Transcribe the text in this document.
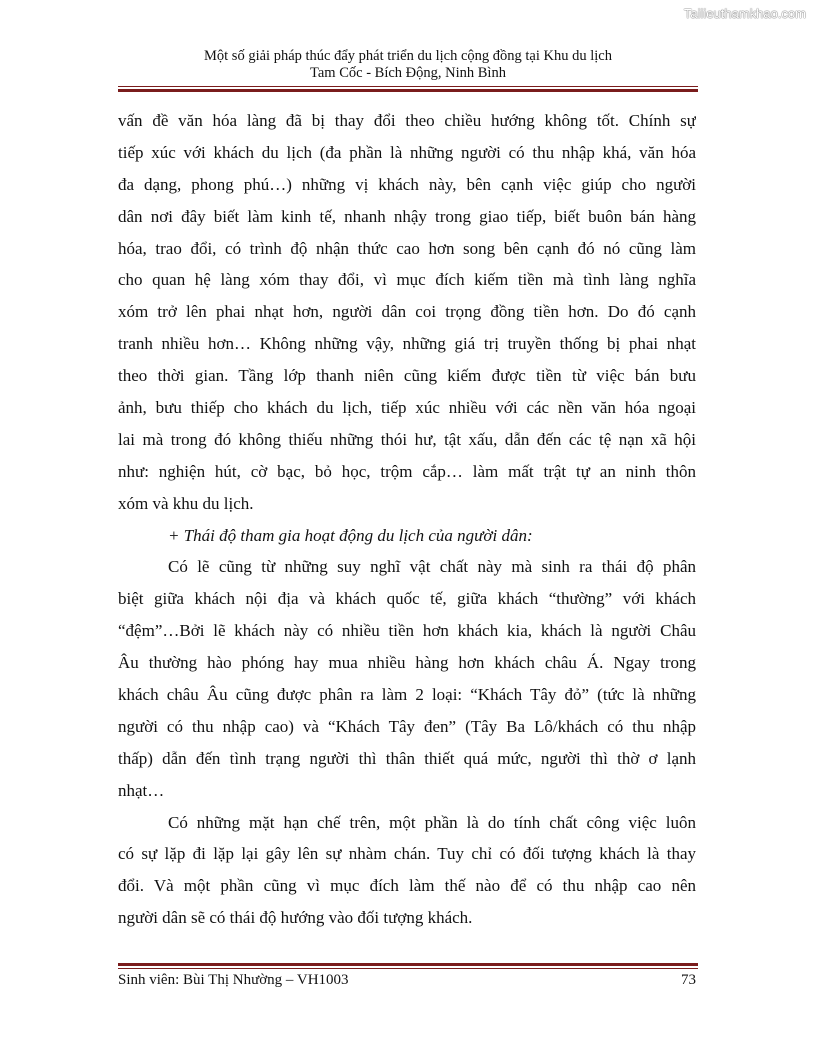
Tailieuthamkhao.com
Một số giải pháp thúc đẩy phát triển du lịch cộng đồng tại Khu du lịch
Tam Cốc - Bích Động, Ninh Bình
vấn đề văn hóa làng đã bị thay đổi theo chiều hướng không tốt. Chính sự
tiếp xúc với khách du lịch (đa phần là những người có thu nhập khá, văn hóa
đa dạng, phong phú…) những vị khách này, bên cạnh việc giúp cho người
dân nơi đây biết làm kinh tế, nhanh nhậy trong giao tiếp, biết buôn bán hàng
hóa, trao đổi, có trình độ nhận thức cao hơn song bên cạnh đó nó cũng làm
cho quan hệ làng xóm thay đổi, vì mục đích kiếm tiền mà tình làng nghĩa
xóm trở lên phai nhạt hơn, người dân coi trọng đồng tiền hơn. Do đó cạnh
tranh nhiều hơn… Không những vậy, những giá trị truyền thống bị phai nhạt
theo thời gian. Tầng lớp thanh niên cũng kiếm được tiền từ việc bán bưu
ảnh, bưu thiếp cho khách du lịch, tiếp xúc nhiều với các nền văn hóa ngoại
lai mà trong đó không thiếu những thói hư, tật xấu, dẫn đến các tệ nạn xã hội
như: nghiện hút, cờ bạc, bỏ học, trộm cắp… làm mất trật tự an ninh thôn
xóm và khu du lịch.
+ Thái độ tham gia hoạt động du lịch của người dân:
Có lẽ cũng từ những suy nghĩ vật chất này mà sinh ra thái độ phân
biệt giữa khách nội địa và khách quốc tế, giữa khách “thường” với khách
“đệm”…Bởi lẽ khách này có nhiều tiền hơn khách kia, khách là người Châu
Âu thường hào phóng hay mua nhiều hàng hơn khách châu Á. Ngay trong
khách châu Âu cũng được phân ra làm 2 loại: “Khách Tây đỏ” (tức là những
người có thu nhập cao) và “Khách Tây đen” (Tây Ba Lô/khách có thu nhập
thấp) dẫn đến tình trạng người thì thân thiết quá mức, người thì thờ ơ lạnh
nhạt…
Có những mặt hạn chế trên, một phần là do tính chất công việc luôn
có sự lặp đi lặp lại gây lên sự nhàm chán. Tuy chỉ có đối tượng khách là thay
đổi. Và một phần cũng vì mục đích làm thế nào để có thu nhập cao nên
người dân sẽ có thái độ hướng vào đối tượng khách.
Sinh viên: Bùi Thị Nhường – VH1003	73
